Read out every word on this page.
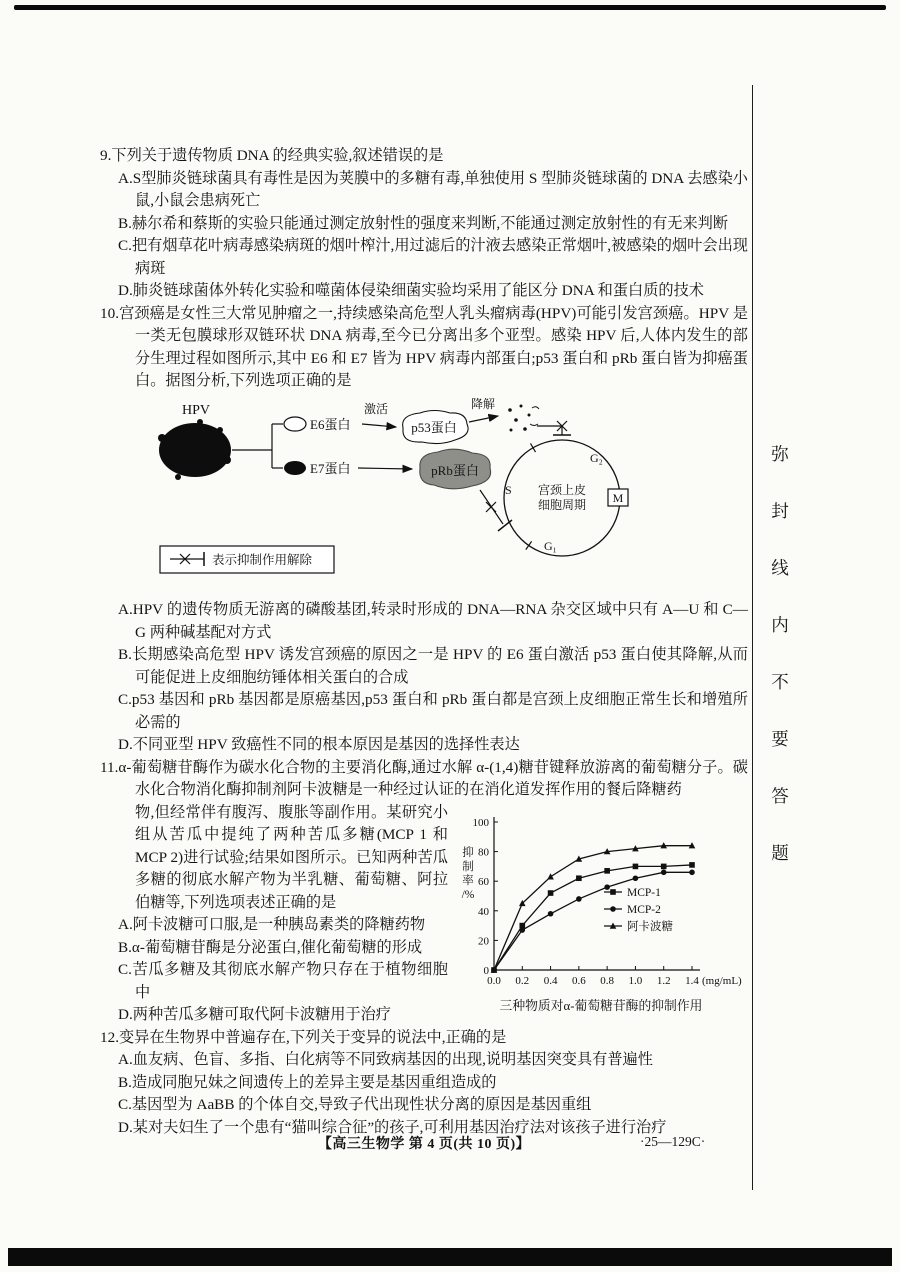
弥
封
线
内
不
要
答
题

9.下列关于遗传物质 DNA 的经典实验,叙述错误的是

A.S型肺炎链球菌具有毒性是因为荚膜中的多糖有毒,单独使用 S 型肺炎链球菌的 DNA 去感染小鼠,小鼠会患病死亡

B.赫尔希和蔡斯的实验只能通过测定放射性的强度来判断,不能通过测定放射性的有无来判断

C.把有烟草花叶病毒感染病斑的烟叶榨汁,用过滤后的汁液去感染正常烟叶,被感染的烟叶会出现病斑

D.肺炎链球菌体外转化实验和噬菌体侵染细菌实验均采用了能区分 DNA 和蛋白质的技术

10.宫颈癌是女性三大常见肿瘤之一,持续感染高危型人乳头瘤病毒(HPV)可能引发宫颈癌。HPV 是一类无包膜球形双链环状 DNA 病毒,至今已分离出多个亚型。感染 HPV 后,人体内发生的部分生理过程如图所示,其中 E6 和 E7 皆为 HPV 病毒内部蛋白;p53 蛋白和 pRb 蛋白皆为抑癌蛋白。据图分析,下列选项正确的是

HPV
E6蛋白
E7蛋白
激活
p53蛋白
降解
pRb蛋白
M
G₂
S
G₁
宫颈上皮
细胞周期
表示抑制作用解除

A.HPV 的遗传物质无游离的磷酸基团,转录时形成的 DNA—RNA 杂交区域中只有 A—U 和 C—G 两种碱基配对方式

B.长期感染高危型 HPV 诱发宫颈癌的原因之一是 HPV 的 E6 蛋白激活 p53 蛋白使其降解,从而可能促进上皮细胞纺锤体相关蛋白的合成

C.p53 基因和 pRb 基因都是原癌基因,p53 蛋白和 pRb 蛋白都是宫颈上皮细胞正常生长和增殖所必需的

D.不同亚型 HPV 致癌性不同的根本原因是基因的选择性表达

11.α-葡萄糖苷酶作为碳水化合物的主要消化酶,通过水解 α-(1,4)糖苷键释放游离的葡萄糖分子。碳水化合物消化酶抑制剂阿卡波糖是一种经过认证的在消化道发挥作用的餐后降糖药

0
20
40
60
80
100
0.0 0.2 0.4 0.6 0.8 1.0 1.2 1.4 (mg/mL)
抑
制
率
/%	MCP-1
MCP-2
阿卡波糖
三种物质对α-葡萄糖苷酶的抑制作用

物,但经常伴有腹泻、腹胀等副作用。某研究小组从苦瓜中提纯了两种苦瓜多糖(MCP 1 和 MCP 2)进行试验;结果如图所示。已知两种苦瓜多糖的彻底水解产物为半乳糖、葡萄糖、阿拉伯糖等,下列选项表述正确的是

A.阿卡波糖可口服,是一种胰岛素类的降糖药物

B.α-葡萄糖苷酶是分泌蛋白,催化葡萄糖的形成

C.苦瓜多糖及其彻底水解产物只存在于植物细胞中

D.两种苦瓜多糖可取代阿卡波糖用于治疗

12.变异在生物界中普遍存在,下列关于变异的说法中,正确的是

A.血友病、色盲、多指、白化病等不同致病基因的出现,说明基因突变具有普遍性

B.造成同胞兄妹之间遗传上的差异主要是基因重组造成的

C.基因型为 AaBB 的个体自交,导致子代出现性状分离的原因是基因重组

D.某对夫妇生了一个患有“猫叫综合征”的孩子,可利用基因治疗法对该孩子进行治疗

【高三生物学 第 4 页(共 10 页)】	·25—129C·
